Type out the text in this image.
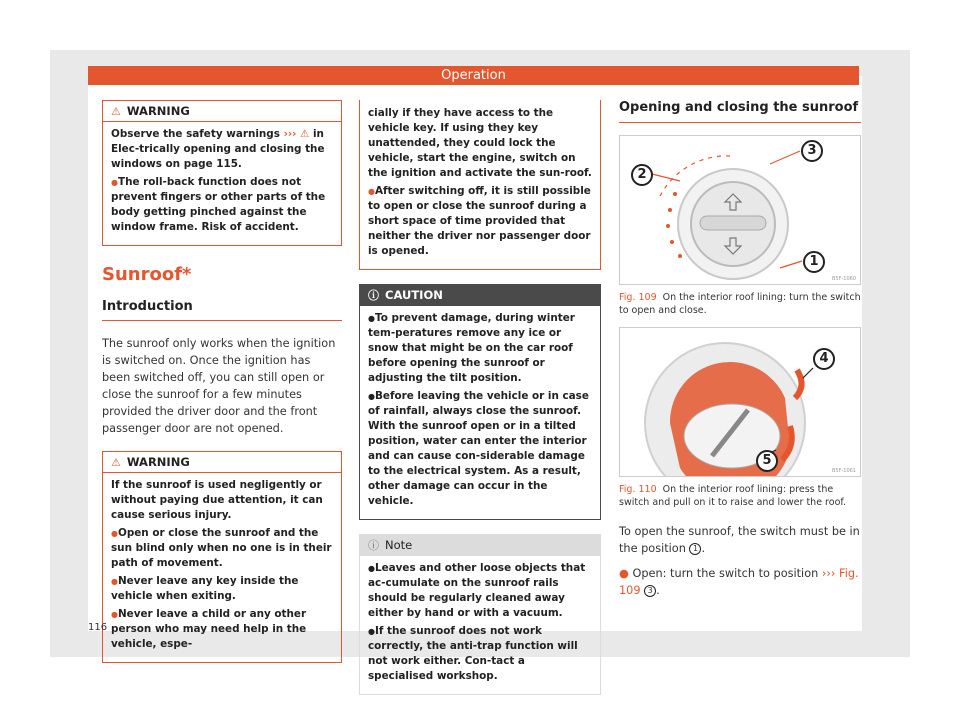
Operation
⚠ WARNING

Observe the safety warnings ››› ⚠ in Elec-trically opening and closing the windows on page 115.

● The roll-back function does not prevent fingers or other parts of the body getting pinched against the window frame. Risk of accident.

Sunroof*
Introduction
The sunroof only works when the ignition is switched on. Once the ignition has been switched off, you can still open or close the sunroof for a few minutes provided the driver door and the front passenger door are not opened.
⚠ WARNING

If the sunroof is used negligently or without paying due attention, it can cause serious injury.

● Open or close the sunroof and the sun blind only when no one is in their path of movement.

● Never leave any key inside the vehicle when exiting.

● Never leave a child or any other person who may need help in the vehicle, espe-

cially if they have access to the vehicle key. If using they key unattended, they could lock the vehicle, start the engine, switch on the ignition and activate the sun-roof.

● After switching off, it is still possible to open or close the sunroof during a short space of time provided that neither the driver nor passenger door is opened.

ⓘ CAUTION

● To prevent damage, during winter tem-peratures remove any ice or snow that might be on the car roof before opening the sunroof or adjusting the tilt position.

● Before leaving the vehicle or in case of rainfall, always close the sunroof. With the sunroof open or in a tilted position, water can enter the interior and can cause con-siderable damage to the electrical system. As a result, other damage can occur in the vehicle.

ⓘ Note

● Leaves and other loose objects that ac-cumulate on the sunroof rails should be regularly cleaned away either by hand or with a vacuum.

● If the sunroof does not work correctly, the anti-trap function will not work either. Con-tact a specialised workshop.

Opening and closing the sunroof
3
2
1
B5F-1060
Fig. 109 On the interior roof lining: turn the switch to open and close.
4
5
B5F-1061
Fig. 110 On the interior roof lining: press the switch and pull on it to raise and lower the roof.
To open the sunroof, the switch must be in the position 1 .
● Open: turn the switch to position ››› Fig. 109 3 .
116
